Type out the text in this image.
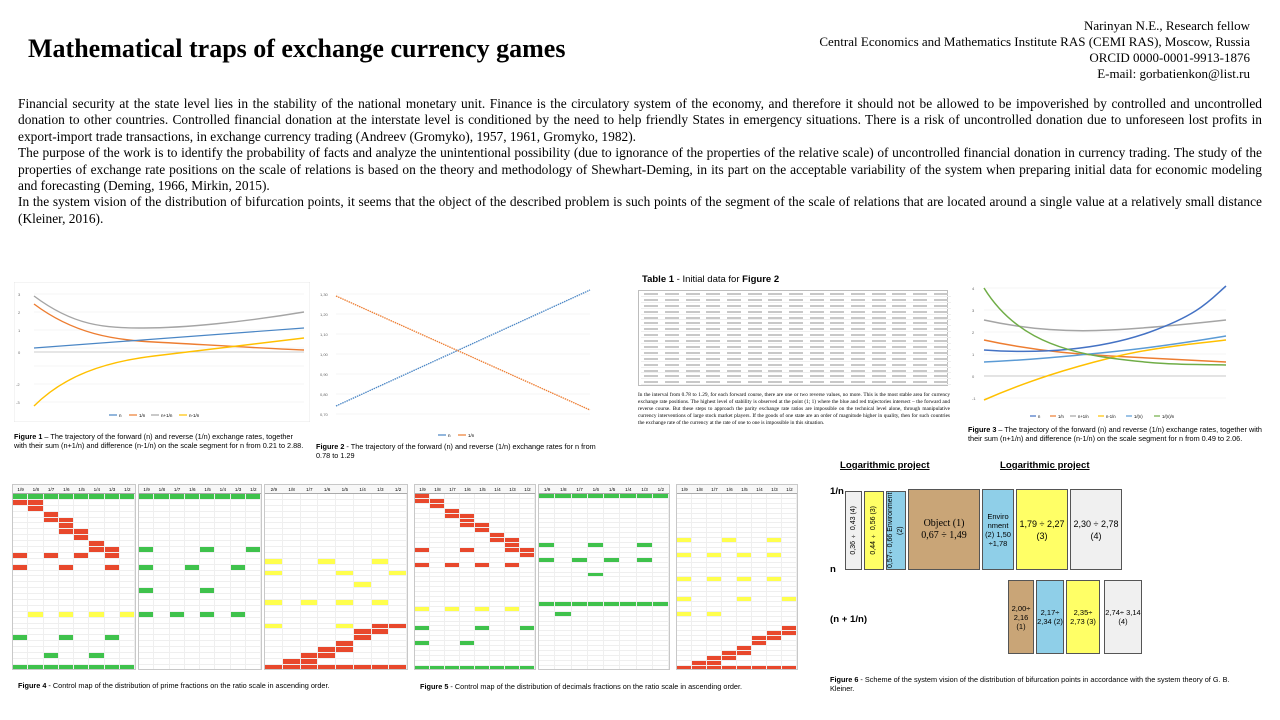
Mathematical traps of exchange currency games
Narinyan N.E., Research fellow
Central Economics and Mathematics Institute RAS (CEMI RAS), Moscow, Russia
ORCID 0000-0001-9913-1876
E-mail: gorbatienkon@list.ru

Financial security at the state level lies in the stability of the national monetary unit. Finance is the circulatory system of the economy, and therefore it should not be allowed to be impoverished by controlled and uncontrolled donation to other countries. Controlled financial donation at the interstate level is conditioned by the need to help friendly States in emergency situations. There is a risk of uncontrolled donation due to unforeseen lost profits in export-import trade transactions, in exchange currency trading (Andreev (Gromyko), 1957, 1961, Gromyko, 1982).

The purpose of the work is to identify the probability of facts and analyze the unintentional possibility (due to ignorance of the properties of the relative scale) of uncontrolled financial donation in currency trading. The study of the properties of exchange rate positions on the scale of relations is based on the theory and methodology of Shewhart-Deming, in its part on the acceptable variability of the system when preparing initial data for economic modeling and forecasting (Deming, 1966, Mirkin, 2015).

In the system vision of the distribution of bifurcation points, it seems that the object of the described problem is such points of the segment of the scale of relations that are located around a single value at a relatively small distance (Kleiner, 2016).

3
2
1
0
-2
-3
n	1/n	n+1/n	n-1/n
Figure 1 – The trajectory of the forward (n) and reverse (1/n) exchange rates, together with their sum (n+1/n) and difference (n-1/n) on the scale segment for n from 0.21 to 2.88.
1,30
1,20
1,10
1,00
0,90
0,80
0,70
n	1/n
Figure 2 - The trajectory of the forward (n) and reverse (1/n) exchange rates for n from 0.78 to 1.29
Table 1 - Initial data for Figure 2
In the interval from 0.78 to 1.29, for each forward course, there are one or two reverse values, no more. This is the most stable area for currency exchange rate positions. The highest level of stability is observed at the point (1; 1) where the blue and red trajectories intersect – the forward and reverse course. But these steps to approach the parity exchange rate ratios are impossible on the technical level alone, through manipulative currency interventions of large stock market players. If the goods of one state are an order of magnitude higher in quality, then for such countries the exchange rate of the currency at the rate of one to one is impossible in this situation.
4
3
2
1
0
-1
n	1/n	n+1/n	n-1/n	1/(n)	1/(n)/n
Figure 3 – The trajectory of the forward (n) and reverse (1/n) exchange rates, together with their sum (n+1/n) and difference (n-1/n) on the scale segment for n from 0.49 to 2.06.
1/9	1/8	1/7	1/6	1/5	1/4	1/3	1/2	1/9	1/8	1/7	1/6	1/5	1/4	1/3	1/2	2/9	1/8	1/7	1/6	1/5	1/4	1/3	1/2
Figure 4 - Control map of the distribution of prime fractions on the ratio scale in ascending order.
1/9	1/8	1/7	1/6	1/5	1/4	1/3	1/2	1/9	1/8	1/7	1/6	1/5	1/4	1/3	1/2	1/9	1/8	1/7	1/6	1/5	1/4	1/3	1/2
Figure 5 - Control map of the distribution of decimals fractions on the ratio scale in ascending order.
Logarithmic project	Logarithmic project
1/n
n
(n + 1/n)
0,36 ÷ 0,43 (4) 0,44 ÷ 0,56 (3) 0,57÷0,66 Environment (2)
Object (1)
0,67 ÷ 1,49
Enviro nment (2) 1,50 ÷1,78
1,79 ÷ 2,27 (3)
2,30 ÷ 2,78 (4)
2,00÷ 2,16 (1)
2,17÷ 2,34 (2)
2,35÷ 2,73 (3)
2,74÷ 3,14 (4)
Figure 6 - Scheme of the system vision of the distribution of bifurcation points in accordance with the system theory of G. B. Kleiner.
